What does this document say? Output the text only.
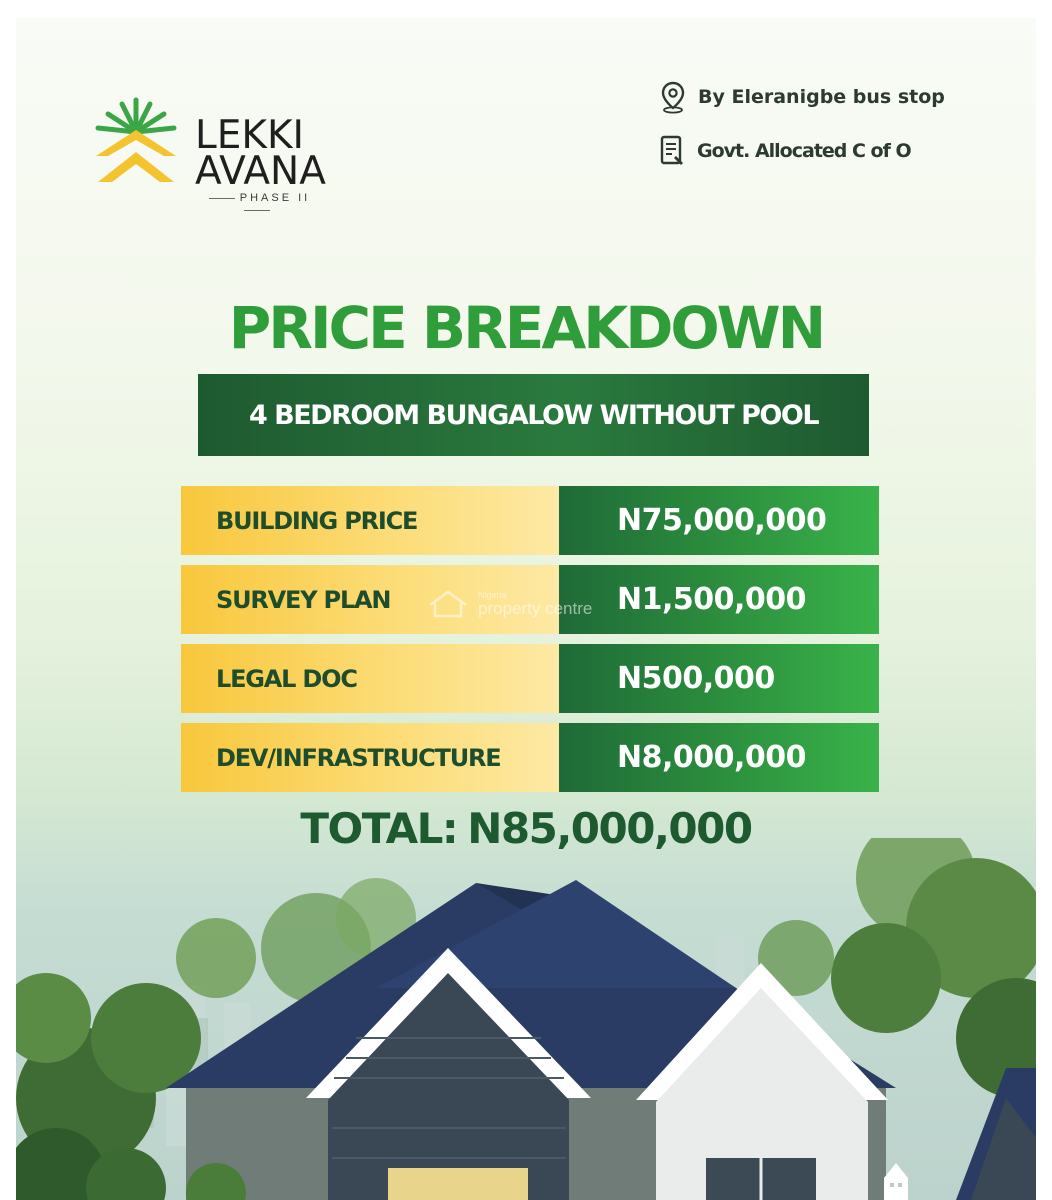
LEKKI
AVANA
PHASE II
By Eleranigbe bus stop
Govt. Allocated C of O
PRICE BREAKDOWN
4 BEDROOM BUNGALOW WITHOUT POOL
BUILDING PRICE	N75,000,000
SURVEY PLAN	N1,500,000
LEGAL DOC	N500,000
DEV/INFRASTRUCTURE	N8,000,000
Nigeria
property centre
TOTAL: N85,000,000
